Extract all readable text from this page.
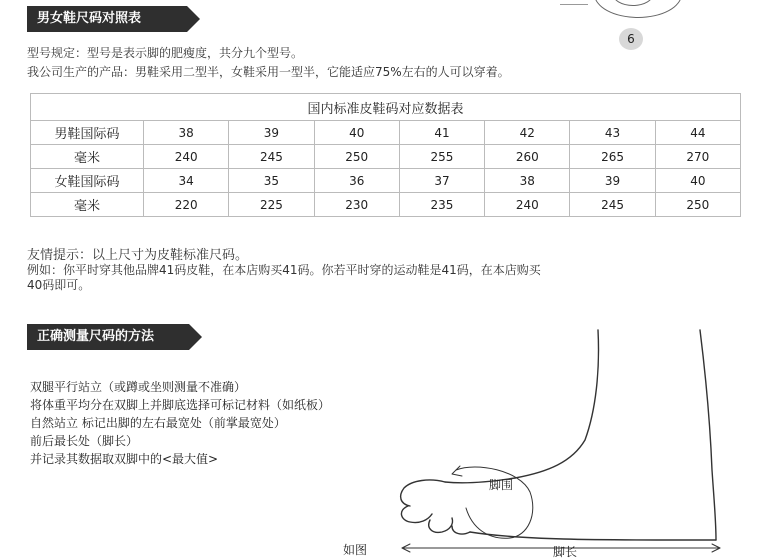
6
男女鞋尺码对照表
型号规定：型号是表示脚的肥瘦度，共分九个型号。
我公司生产的产品：男鞋采用二型半，女鞋采用一型半，它能适应75%左右的人可以穿着。
国内标准皮鞋码对应数据表							
男鞋国际码	38	39	40	41	42	43	44
毫米	240	245	250	255	260	265	270
女鞋国际码	34	35	36	37	38	39	40
毫米	220	225	230	235	240	245	250
友情提示：以上尺寸为皮鞋标准尺码。
例如：你平时穿其他品牌41码皮鞋，在本店购买41码。你若平时穿的运动鞋是41码，在本店购买
40码即可。
正确测量尺码的方法
双腿平行站立（或蹲或坐则测量不准确）
将体重平均分在双脚上并脚底选择可标记材料（如纸板）
自然站立 标记出脚的左右最宽处（前掌最宽处）
前后最长处（脚长）
并记录其数据取双脚中的<最大值>
脚围
如图	脚长
